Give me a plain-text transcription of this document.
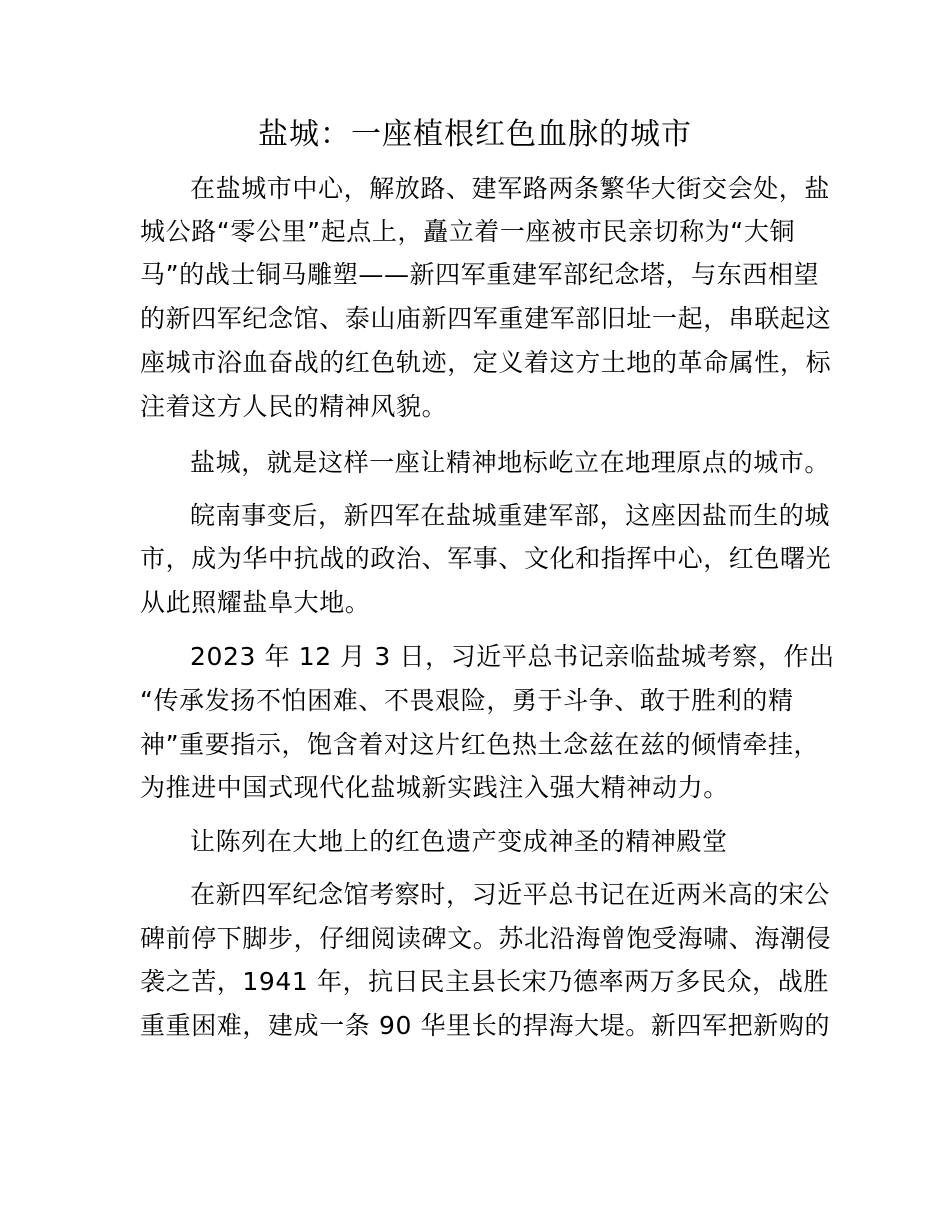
盐城：一座植根红色血脉的城市
在盐城市中心，解放路、建军路两条繁华大街交会处，盐
城公路“零公里”起点上，矗立着一座被市民亲切称为“大铜
马”的战士铜马雕塑——新四军重建军部纪念塔，与东西相望
的新四军纪念馆、泰山庙新四军重建军部旧址一起，串联起这
座城市浴血奋战的红色轨迹，定义着这方土地的革命属性，标
注着这方人民的精神风貌。
盐城，就是这样一座让精神地标屹立在地理原点的城市。
皖南事变后，新四军在盐城重建军部，这座因盐而生的城
市，成为华中抗战的政治、军事、文化和指挥中心，红色曙光
从此照耀盐阜大地。
2023 年 12 月 3 日，习近平总书记亲临盐城考察，作出
“传承发扬不怕困难、不畏艰险，勇于斗争、敢于胜利的精
神”重要指示，饱含着对这片红色热土念兹在兹的倾情牵挂，
为推进中国式现代化盐城新实践注入强大精神动力。
让陈列在大地上的红色遗产变成神圣的精神殿堂
在新四军纪念馆考察时，习近平总书记在近两米高的宋公
碑前停下脚步，仔细阅读碑文。苏北沿海曾饱受海啸、海潮侵
袭之苦，1941 年，抗日民主县长宋乃德率两万多民众，战胜
重重困难，建成一条 90 华里长的捍海大堤。新四军把新购的
